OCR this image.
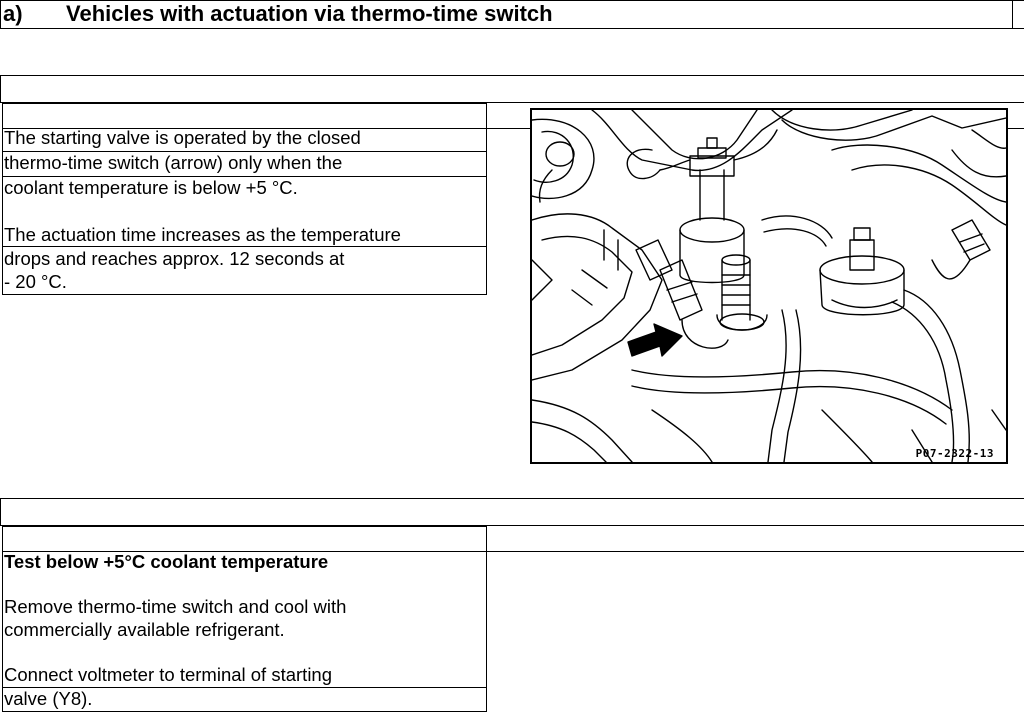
a) Vehicles with actuation via thermo-time switch
The starting valve is operated by the closed
thermo-time switch (arrow) only when the
coolant temperature is below +5 °C.
The actuation time increases as the temperature
drops and reaches approx. 12 seconds at
- 20 °C.
P07-2322-13
Test below +5°C coolant temperature
Remove thermo-time switch and cool with
commercially available refrigerant.
Connect voltmeter to terminal of starting
valve (Y8).
